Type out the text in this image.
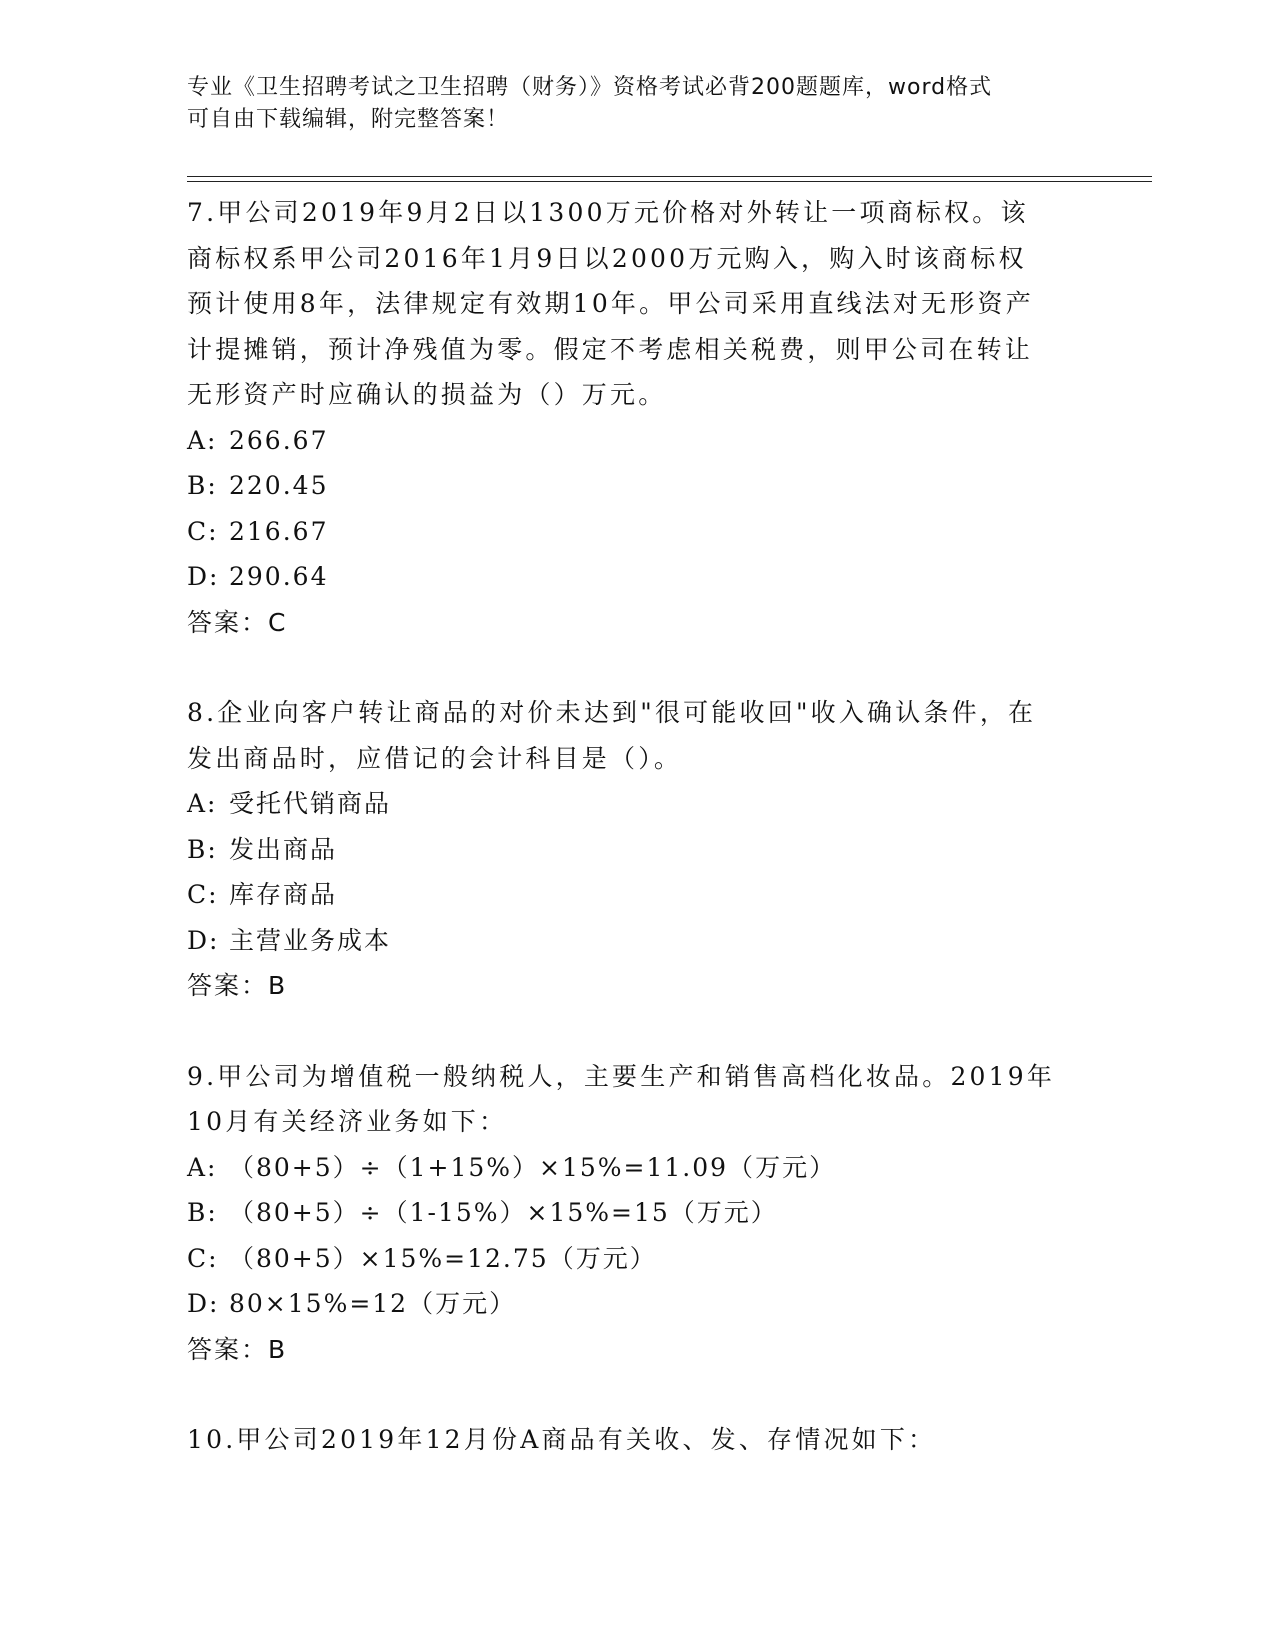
专业《卫生招聘考试之卫生招聘（财务）》资格考试必背200题题库，word格式
可自由下载编辑，附完整答案！

7.甲公司2019年9月2日以1300万元价格对外转让一项商标权。该

商标权系甲公司2016年1月9日以2000万元购入，购入时该商标权

预计使用8年，法律规定有效期10年。甲公司采用直线法对无形资产

计提摊销，预计净残值为零。假定不考虑相关税费，则甲公司在转让

无形资产时应确认的损益为（）万元。

A: 266.67

B: 220.45

C: 216.67

D: 290.64

答案：C

8.企业向客户转让商品的对价未达到"很可能收回"收入确认条件，在

发出商品时，应借记的会计科目是（）。

A: 受托代销商品

B: 发出商品

C: 库存商品

D: 主营业务成本

答案：B

9.甲公司为增值税一般纳税人，主要生产和销售高档化妆品。2019年

10月有关经济业务如下：

A: （80+5）÷（1+15%）×15%=11.09（万元）

B: （80+5）÷（1-15%）×15%=15（万元）

C: （80+5）×15%=12.75（万元）

D: 80×15%=12（万元）

答案：B

10.甲公司2019年12月份A商品有关收、发、存情况如下：
